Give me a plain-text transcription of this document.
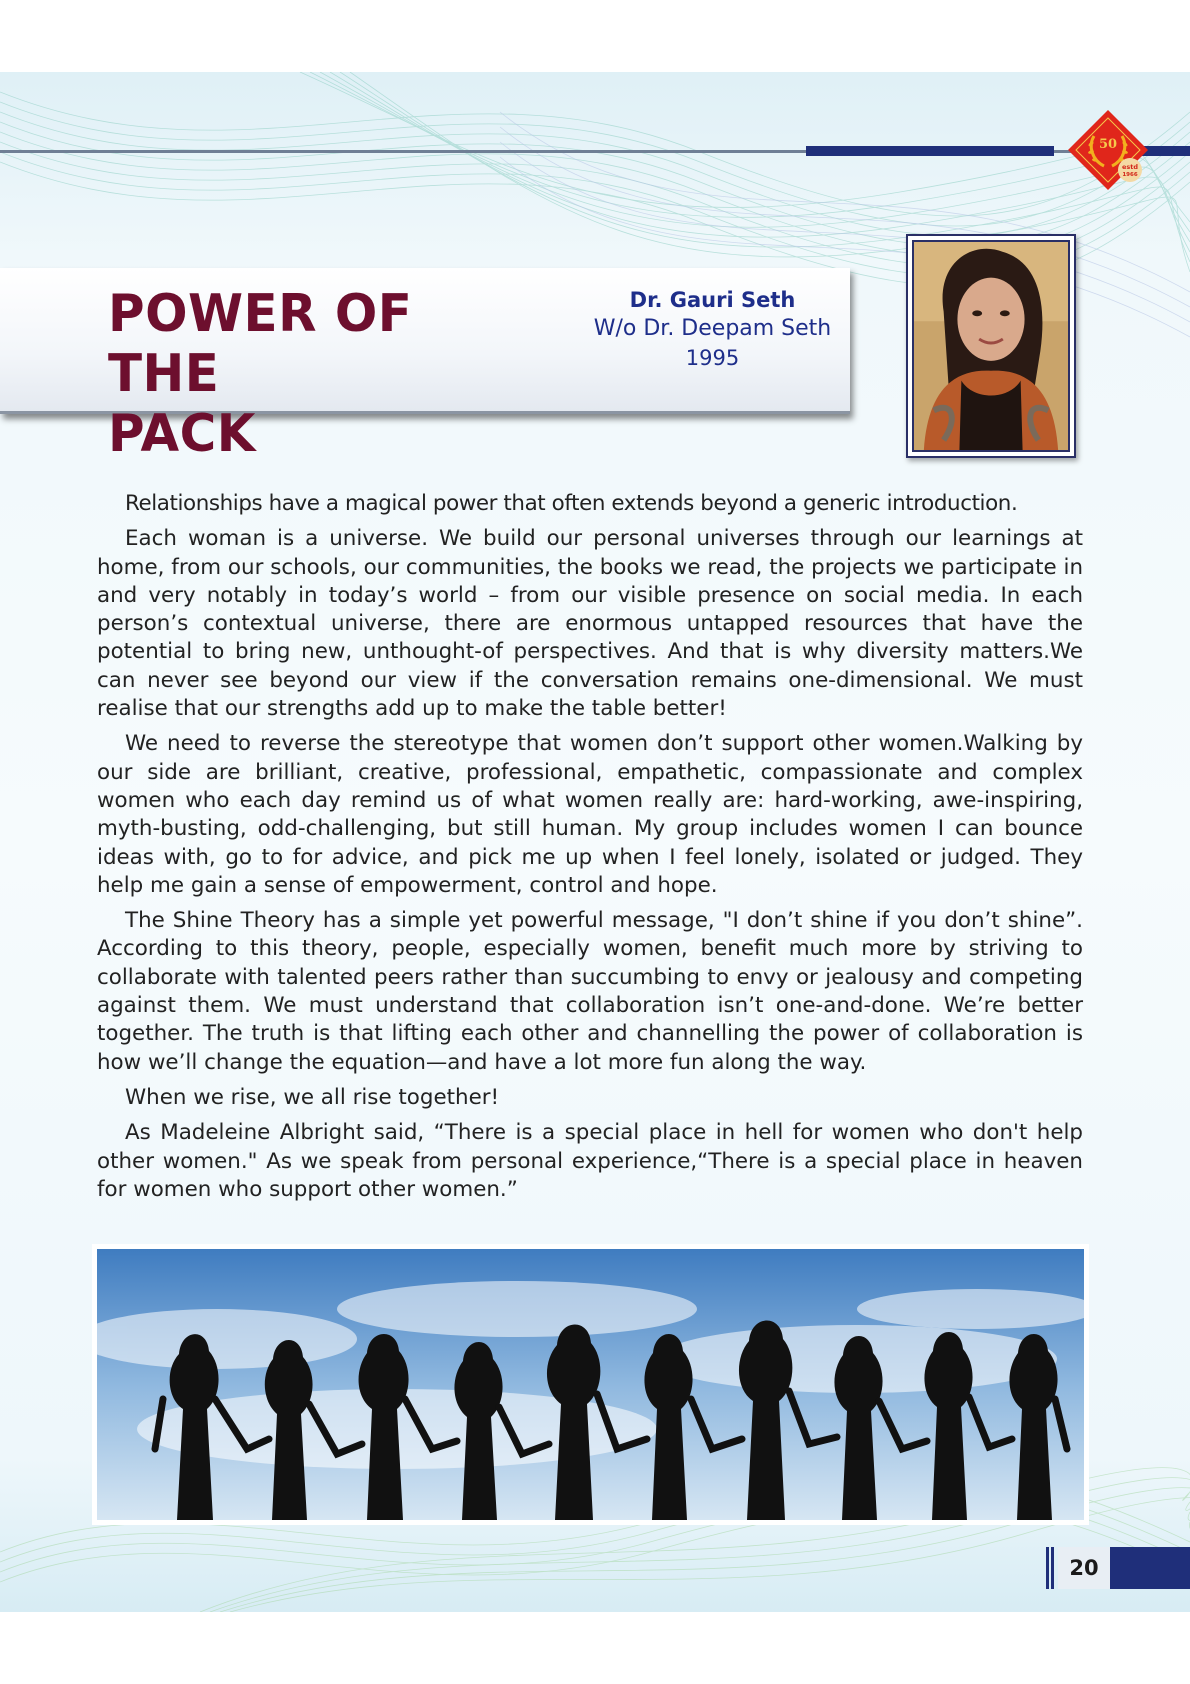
50
estd
1966
POWER OF THE
PACK
Dr. Gauri Seth
W/o Dr. Deepam Seth
1995

Relationships have a magical power that often extends beyond a generic introduction.

Each woman is a universe. We build our personal universes through our learnings at home, from our schools, our communities, the books we read, the projects we participate in and very notably in today’s world – from our visible presence on social media. In each person’s contextual universe, there are enormous untapped resources that have the potential to bring new, unthought-of perspectives. And that is why diversity matters.We can never see beyond our view if the conversation remains one-dimensional. We must realise that our strengths add up to make the table better!

We need to reverse the stereotype that women don’t support other women.Walking by our side are brilliant, creative, professional, empathetic, compassionate and complex women who each day remind us of what women really are: hard-working, awe-inspiring, myth-busting, odd-challenging, but still human. My group includes women I can bounce ideas with, go to for advice, and pick me up when I feel lonely, isolated or judged. They help me gain a sense of empowerment, control and hope.

The Shine Theory has a simple yet powerful message, "I don’t shine if you don’t shine”. According to this theory, people, especially women, benefit much more by striving to collaborate with talented peers rather than succumbing to envy or jealousy and competing against them. We must understand that collaboration isn’t one-and-done. We’re better together. The truth is that lifting each other and channelling the power of collaboration is how we’ll change the equation—and have a lot more fun along the way.

When we rise, we all rise together!

As Madeleine Albright said, “There is a special place in hell for women who don't help other women." As we speak from personal experience,“There is a special place in heaven for women who support other women.”

20
